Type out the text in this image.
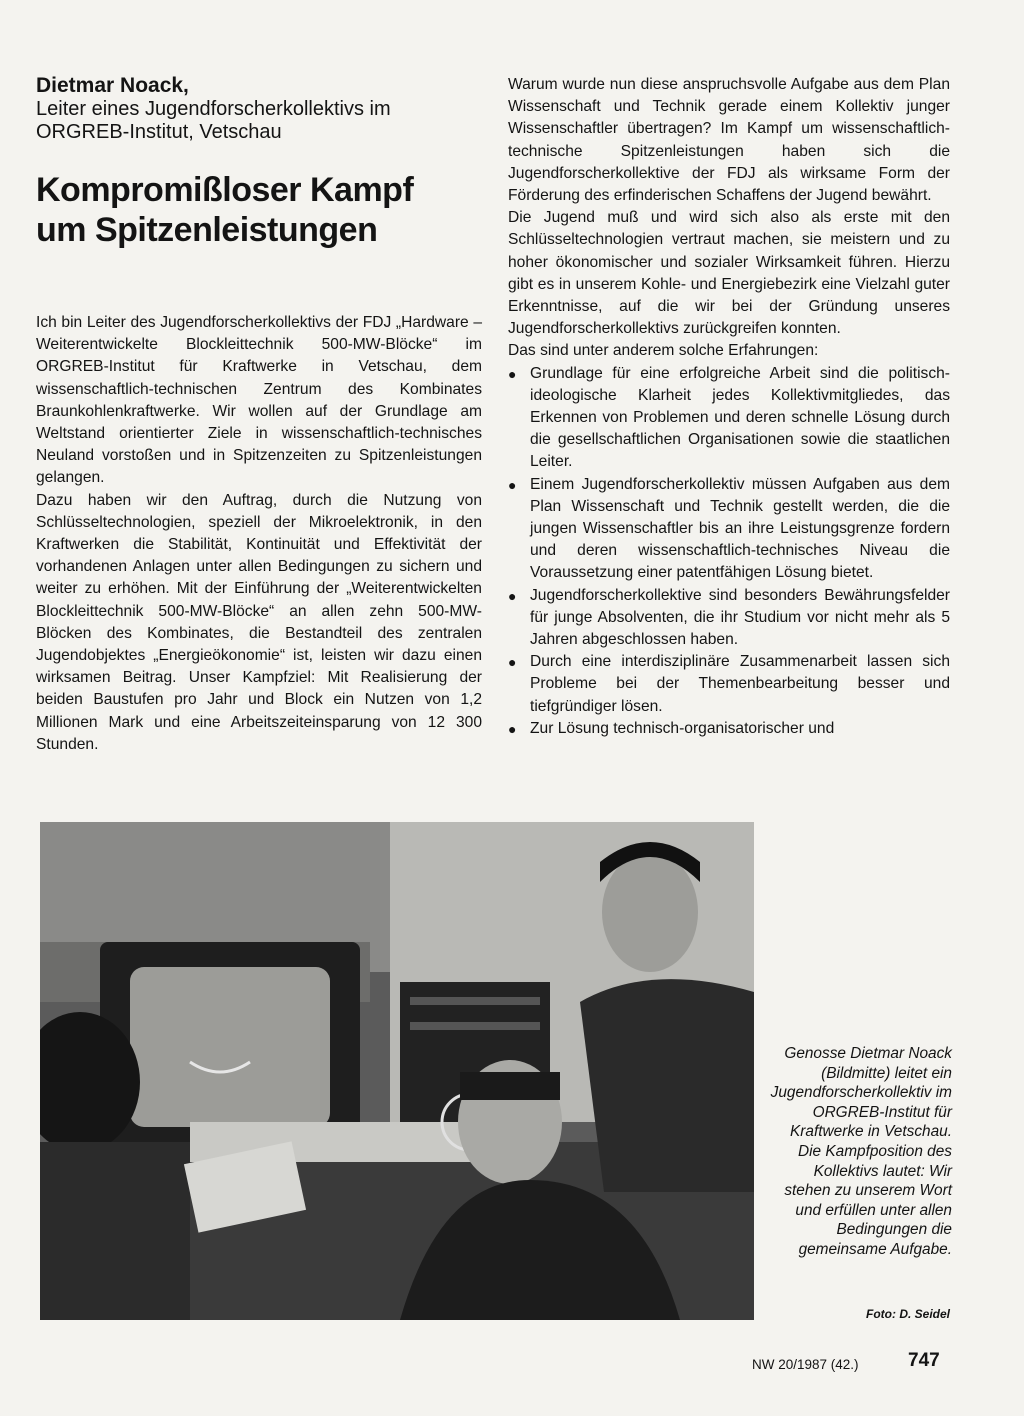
Dietmar Noack,

Leiter eines Jugendforscherkollektivs im

ORGREB-Institut, Vetschau

Kompromißloser Kampf
um Spitzenleistungen

Ich bin Leiter des Jugendforscherkollektivs der FDJ „Hardware – Weiterentwickelte Blockleittechnik 500-MW-Blöcke“ im ORGREB-Institut für Kraftwerke in Vetschau, dem wissenschaftlich-technischen Zentrum des Kombinates Braunkohlenkraftwerke. Wir wollen auf der Grundlage am Weltstand orientierter Ziele in wissenschaftlich-technisches Neuland vorstoßen und in Spitzenzeiten zu Spitzenleistungen gelangen.

Dazu haben wir den Auftrag, durch die Nutzung von Schlüsseltechnologien, speziell der Mikroelektronik, in den Kraftwerken die Stabilität, Kontinuität und Effektivität der vorhandenen Anlagen unter allen Bedingungen zu sichern und weiter zu erhöhen. Mit der Einführung der „Weiterentwickelten Blockleittechnik 500-MW-Blöcke“ an allen zehn 500-MW-Blöcken des Kombinates, die Bestandteil des zentralen Jugendobjektes „Energieökonomie“ ist, leisten wir dazu einen wirksamen Beitrag. Unser Kampfziel: Mit Realisierung der beiden Baustufen pro Jahr und Block ein Nutzen von 1,2 Millionen Mark und eine Arbeitszeiteinsparung von 12 300 Stunden.

Warum wurde nun diese anspruchsvolle Aufgabe aus dem Plan Wissenschaft und Technik gerade einem Kollektiv junger Wissenschaftler übertragen? Im Kampf um wissenschaftlich-technische Spitzenleistungen haben sich die Jugendforscherkollektive der FDJ als wirksame Form der Förderung des erfinderischen Schaffens der Jugend bewährt.

Die Jugend muß und wird sich also als erste mit den Schlüsseltechnologien vertraut machen, sie meistern und zu hoher ökonomischer und sozialer Wirksamkeit führen. Hierzu gibt es in unserem Kohle- und Energiebezirk eine Vielzahl guter Erkenntnisse, auf die wir bei der Gründung unseres Jugendforscherkollektivs zurückgreifen konnten.

Das sind unter anderem solche Erfahrungen:

● Grundlage für eine erfolgreiche Arbeit sind die politisch-ideologische Klarheit jedes Kollektivmitgliedes, das Erkennen von Problemen und deren schnelle Lösung durch die gesellschaftlichen Organisationen sowie die staatlichen Leiter.
● Einem Jugendforscherkollektiv müssen Aufgaben aus dem Plan Wissenschaft und Technik gestellt werden, die die jungen Wissenschaftler bis an ihre Leistungsgrenze fordern und deren wissenschaftlich-technisches Niveau die Voraussetzung einer patentfähigen Lösung bietet.
● Jugendforscherkollektive sind besonders Bewährungsfelder für junge Absolventen, die ihr Studium vor nicht mehr als 5 Jahren abgeschlossen haben.
● Durch eine interdisziplinäre Zusammenarbeit lassen sich Probleme bei der Themenbearbeitung besser und tiefgründiger lösen.
● Zur Lösung technisch-organisatorischer und
Genosse Dietmar Noack (Bildmitte) leitet ein Jugendforscherkollektiv im ORGREB-Institut für Kraftwerke in Vetschau. Die Kampfposition des Kollektivs lautet: Wir stehen zu unserem Wort und erfüllen unter allen Bedingungen die gemeinsame Aufgabe.
Foto: D. Seidel
NW 20/1987 (42.)	747
